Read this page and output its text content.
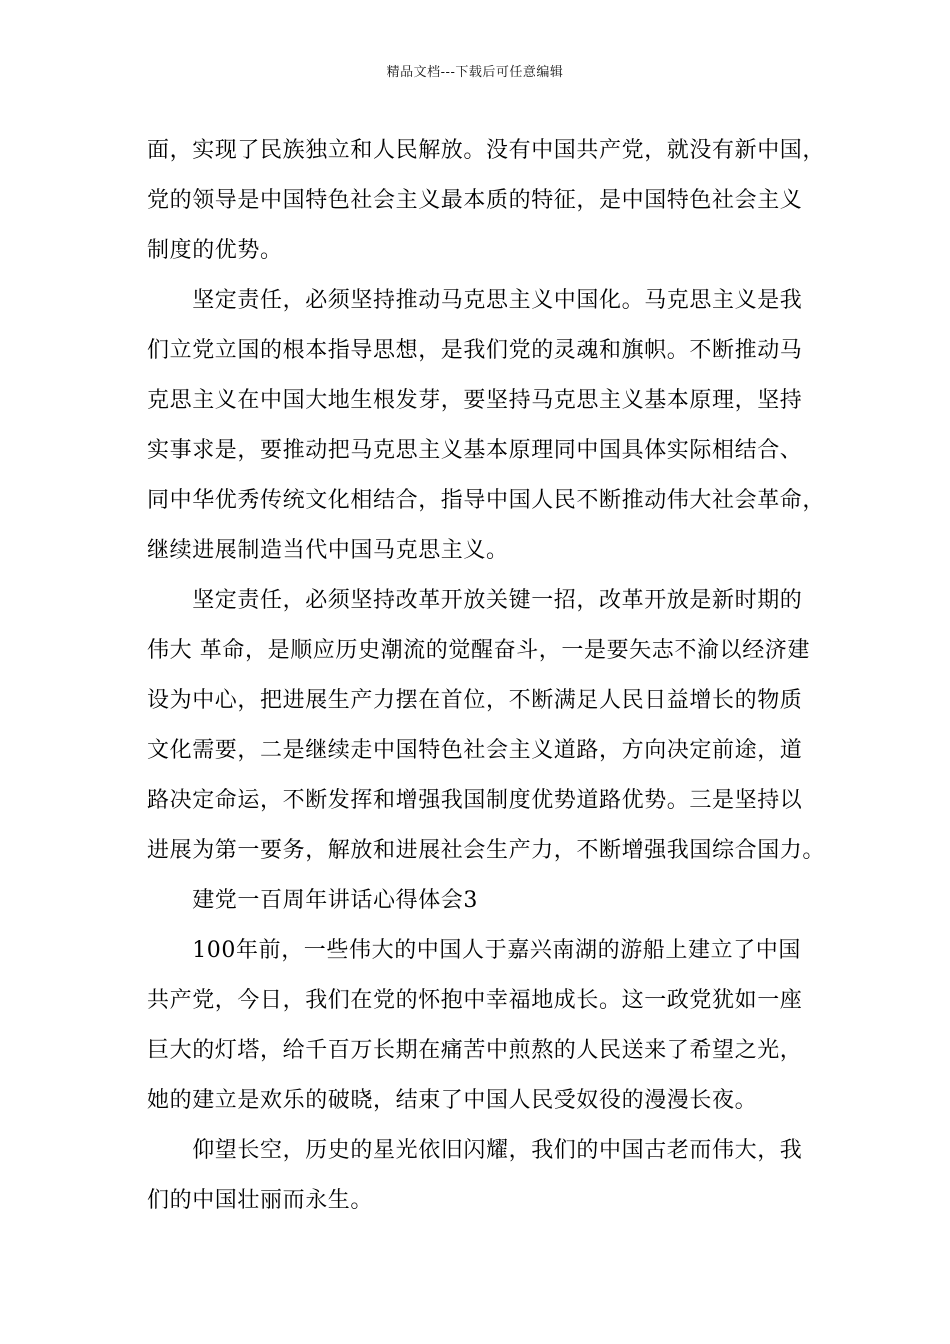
精品文档---下载后可任意编辑
面，实现了民族独立和人民解放。没有中国共产党，就没有新中国，
党的领导是中国特色社会主义最本质的特征，是中国特色社会主义
制度的优势。
　　坚定责任，必须坚持推动马克思主义中国化。马克思主义是我
们立党立国的根本指导思想，是我们党的灵魂和旗帜。不断推动马
克思主义在中国大地生根发芽，要坚持马克思主义基本原理，坚持
实事求是，要推动把马克思主义基本原理同中国具体实际相结合、
同中华优秀传统文化相结合，指导中国人民不断推动伟大社会革命，
继续进展制造当代中国马克思主义。
　　坚定责任，必须坚持改革开放关键一招，改革开放是新时期的
伟大 革命，是顺应历史潮流的觉醒奋斗，一是要矢志不渝以经济建
设为中心，把进展生产力摆在首位，不断满足人民日益增长的物质
文化需要，二是继续走中国特色社会主义道路，方向决定前途，道
路决定命运，不断发挥和增强我国制度优势道路优势。三是坚持以
进展为第一要务，解放和进展社会生产力，不断增强我国综合国力。
　　建党一百周年讲话心得体会3
　　100年前，一些伟大的中国人于嘉兴南湖的游船上建立了中国
共产党，今日，我们在党的怀抱中幸福地成长。这一政党犹如一座
巨大的灯塔，给千百万长期在痛苦中煎熬的人民送来了希望之光，
她的建立是欢乐的破晓，结束了中国人民受奴役的漫漫长夜。
　　仰望长空，历史的星光依旧闪耀，我们的中国古老而伟大，我
们的中国壮丽而永生。
